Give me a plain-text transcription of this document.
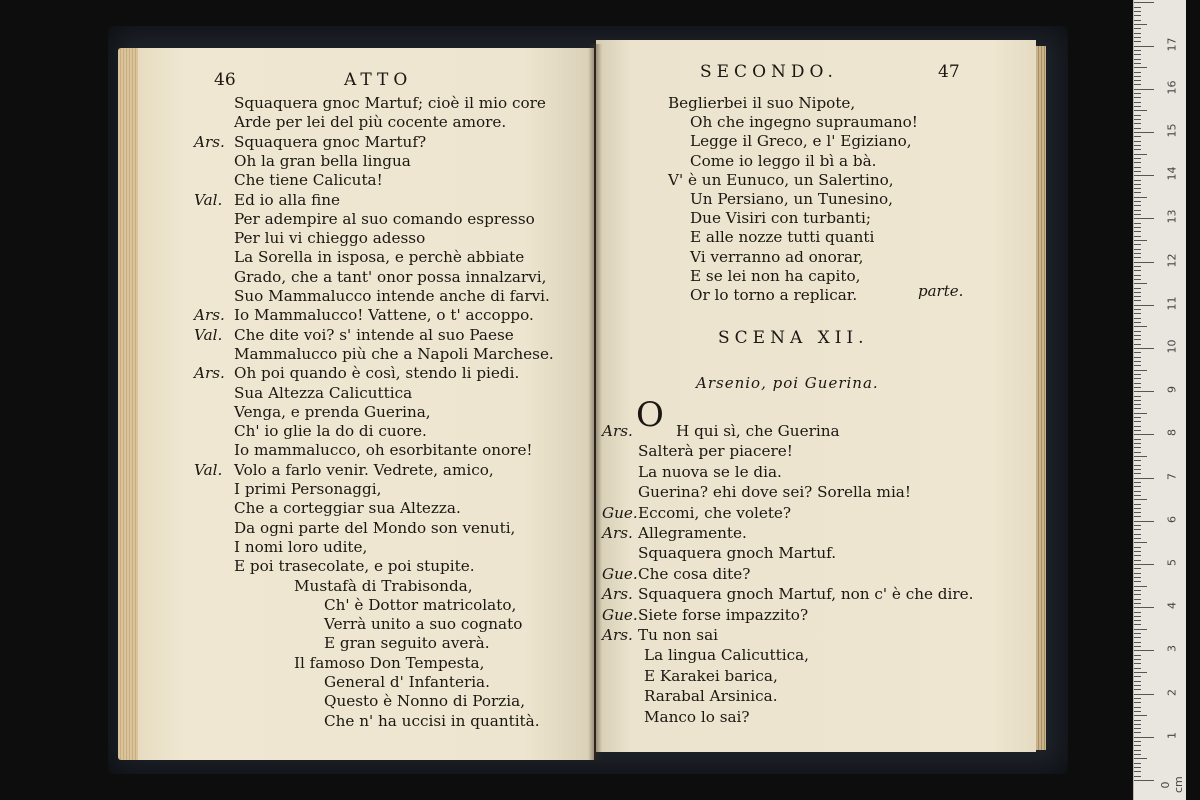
46	ATTO
Squaquera gnoc Martuf; cioè il mio core
Arde per lei del più cocente amore.
Ars. Squaquera gnoc Martuf?
Oh la gran bella lingua
Che tiene Calicuta!
Val. Ed io alla fine
Per adempire al suo comando espresso
Per lui vi chieggo adesso
La Sorella in isposa, e perchè abbiate
Grado, che a tant' onor possa innalzarvi,
Suo Mammalucco intende anche di farvi.
Ars. Io Mammalucco! Vattene, o t' accoppo.
Val. Che dite voi? s' intende al suo Paese
Mammalucco più che a Napoli Marchese.
Ars. Oh poi quando è così, stendo li piedi.
Sua Altezza Calicuttica
Venga, e prenda Guerina,
Ch' io glie la do di cuore.
Io mammalucco, oh esorbitante onore!
Val. Volo a farlo venir. Vedrete, amico,
I primi Personaggi,
Che a corteggiar sua Altezza.
Da ogni parte del Mondo son venuti,
I nomi loro udite,
E poi trasecolate, e poi stupite.
Mustafà di Trabisonda,
Ch' è Dottor matricolato,
Verrà unito a suo cognato
E gran seguito averà.
Il famoso Don Tempesta,
General d' Infanteria.
Questo è Nonno di Porzia,
Che n' ha uccisi in quantità.
SECONDO.	47
Beglierbei il suo Nipote,
Oh che ingegno supraumano!
Legge il Greco, e l' Egiziano,
Come io leggo il bì a bà.
V' è un Eunuco, un Salertino,
Un Persiano, un Tunesino,
Due Visiri con turbanti;
E alle nozze tutti quanti
Vi verranno ad onorar,
E se lei non ha capito,
Or lo torno a replicar.	parte.
SCENA XII.
Arsenio, poi Guerina.
O
Ars.	H qui sì, che Guerina
Salterà per piacere!
La nuova se le dia.
Guerina? ehi dove sei? Sorella mia!
Gue. Eccomi, che volete?
Ars. Allegramente.
Squaquera gnoch Martuf.
Gue. Che cosa dite?
Ars. Squaquera gnoch Martuf, non c' è che dire.
Gue. Siete forse impazzito?
Ars. Tu non sai
La lingua Calicuttica,
E Karakei barica,
Rarabal Arsinica.
Manco lo sai?
0 cm
1
2
3
4
5
6
7
8
9
10
11
12
13
14
15
16
17
